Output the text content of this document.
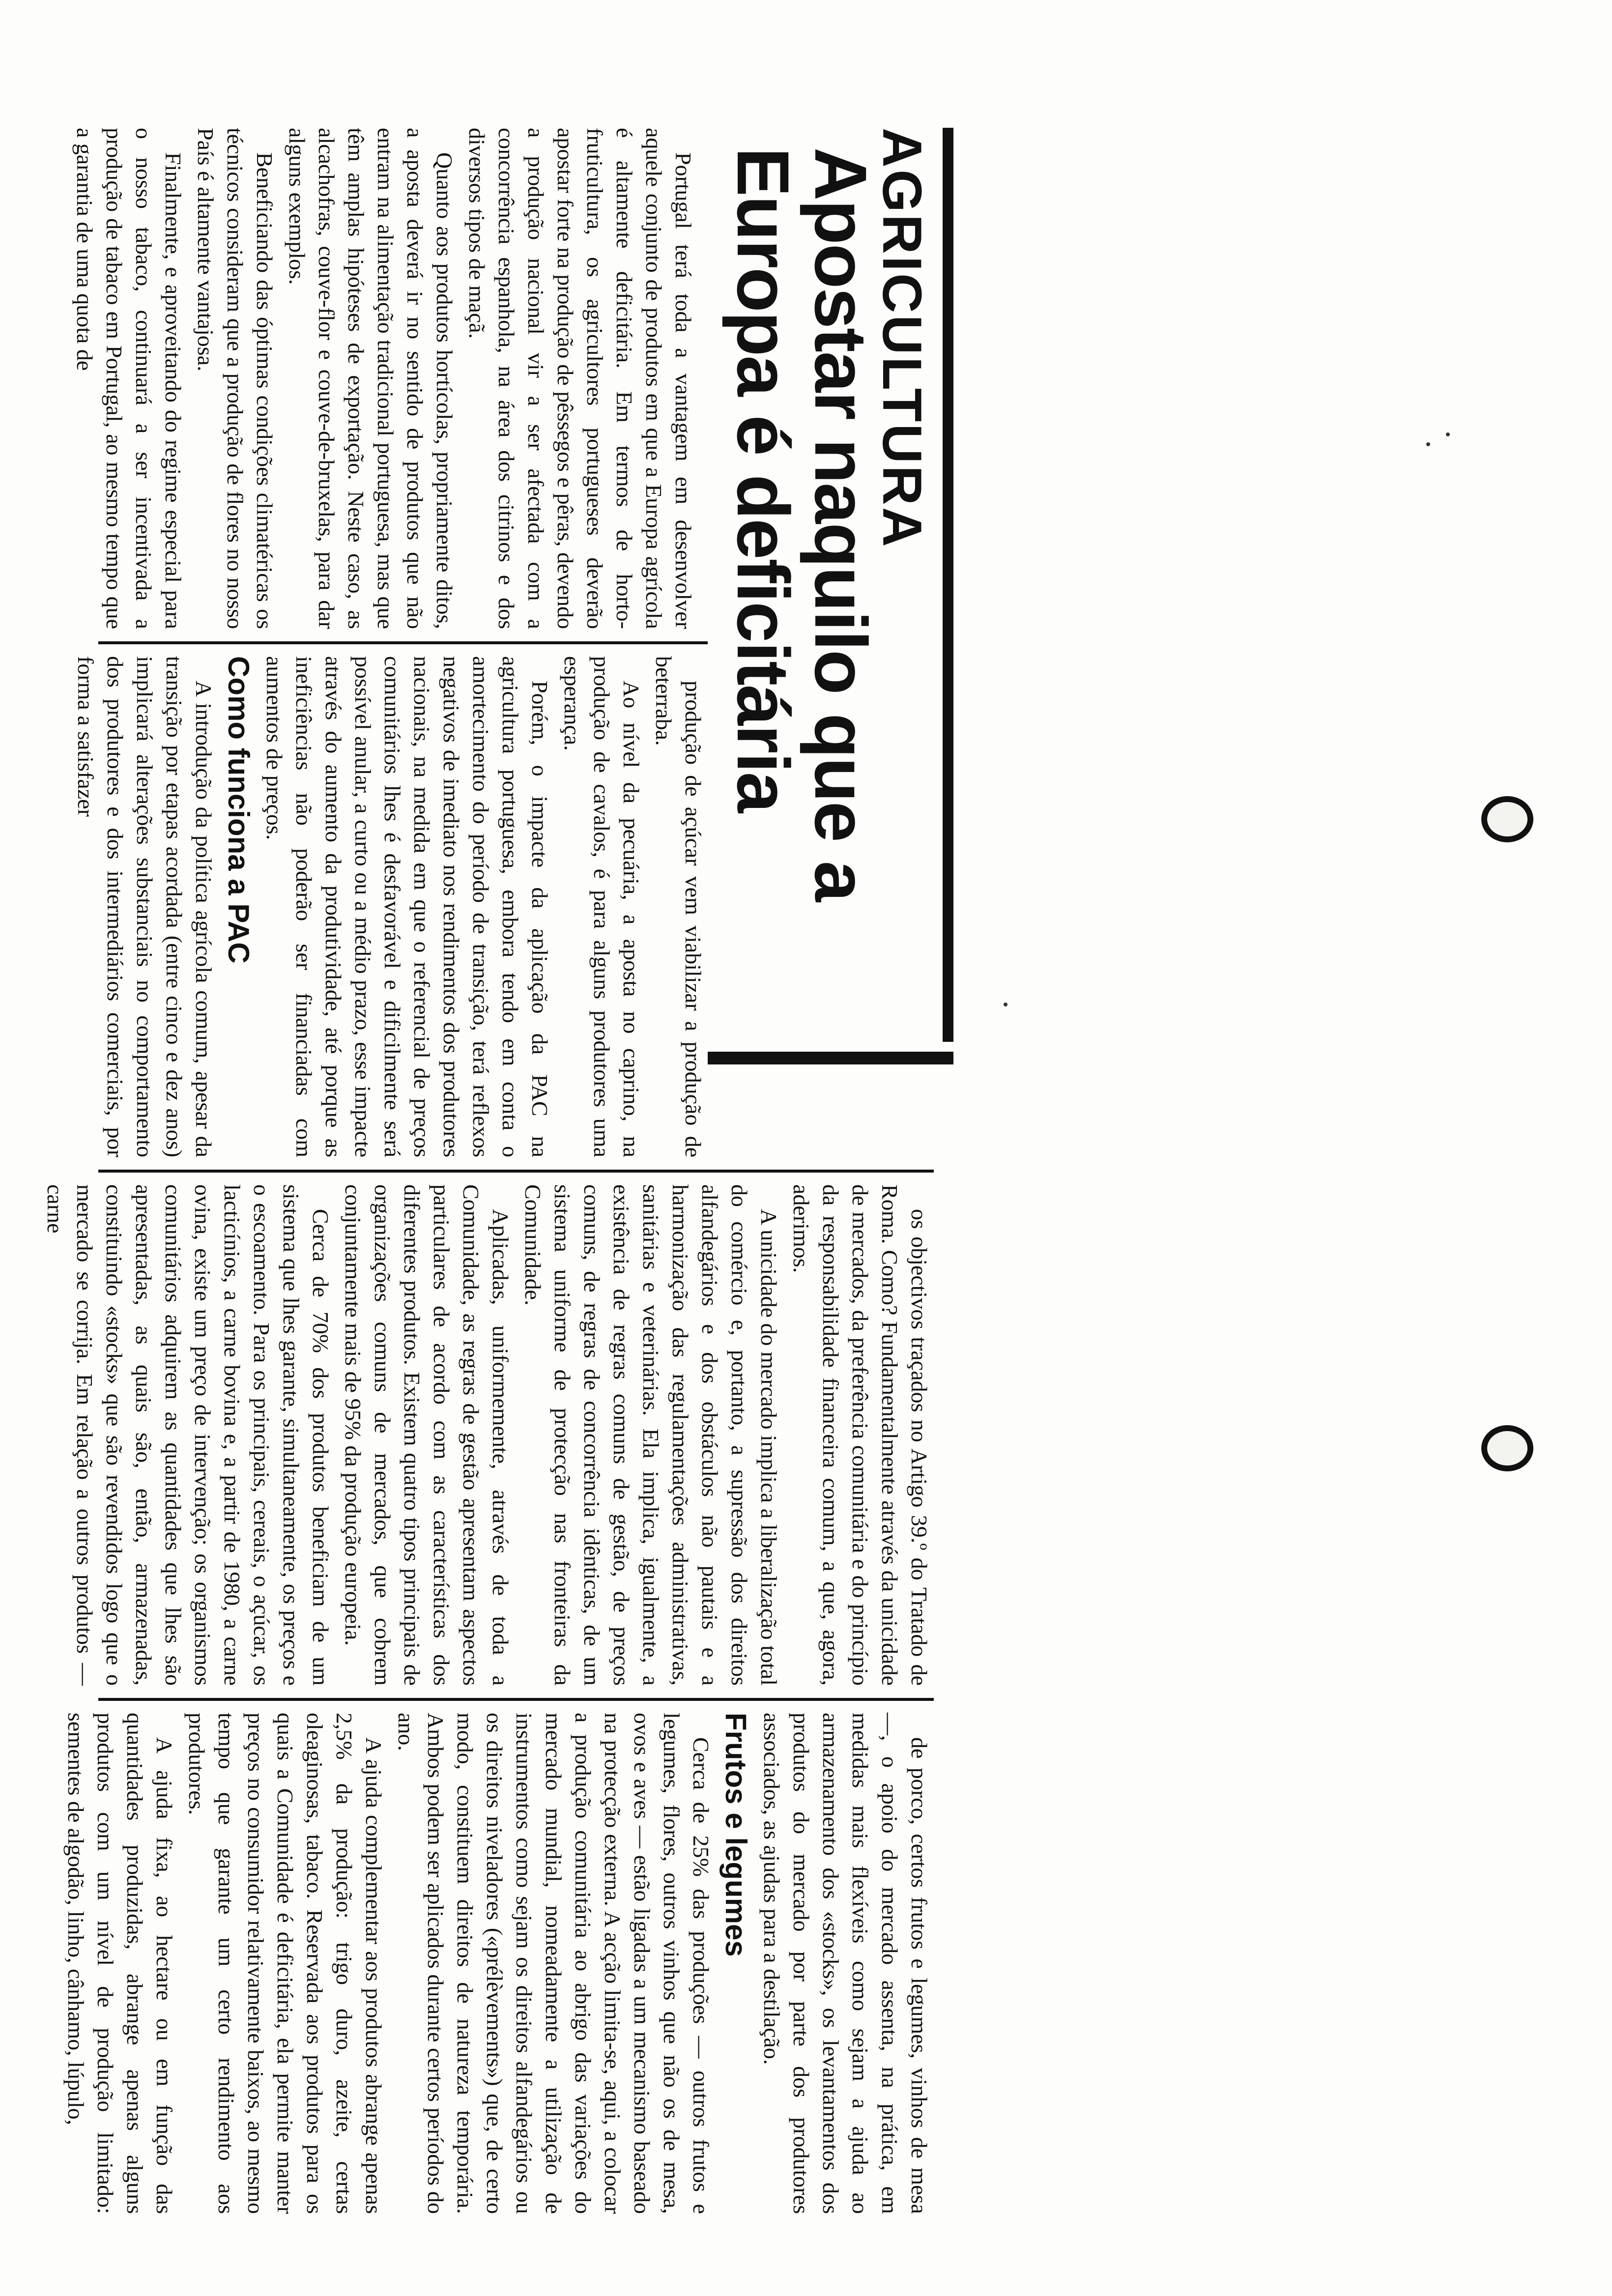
AGRICULTURA
Apostar naquilo que a Europa é deficitária

Portugal terá toda a vantagem em desenvolver aquele conjunto de produtos em que a Europa agrícola é altamente deficitária. Em termos de horto-fruticultura, os agricultores portugueses deverão apostar forte na produção de pêssegos e pêras, devendo a produção nacional vir a ser afectada com a concorrência espanhola, na área dos citrinos e dos diversos tipos de maçã.

Quanto aos produtos hortícolas, propriamente ditos, a aposta deverá ir no sentido de produtos que não entram na alimentação tradicional portuguesa, mas que têm amplas hipóteses de exportação. Neste caso, as alcachofras, couve-flor e couve-de-bruxelas, para dar alguns exemplos.

Beneficiando das óptimas condições climatéricas os técnicos consideram que a produção de flores no nosso País é altamente vantajosa.

Finalmente, e aproveitando do regime especial para o nosso tabaco, continuará a ser incentivada a produção de tabaco em Portugal, ao mesmo tempo que a garantia de uma quota de

produção de açúcar vem viabilizar a produção de beterraba.

Ao nível da pecuária, a aposta no caprino, na produção de cavalos, é para alguns produtores uma esperança.

Porém, o impacte da aplicação da PAC na agricultura portuguesa, embora tendo em conta o amortecimento do período de transição, terá reflexos negativos de imediato nos rendimentos dos produtores nacionais, na medida em que o referencial de preços comunitários lhes é desfavorável e dificilmente será possível anular, a curto ou a médio prazo, esse impacte através do aumento da produtividade, até porque as ineficiências não poderão ser financiadas com aumentos de preços.

Como funciona a PAC

A introdução da política agrícola comum, apesar da transição por etapas acordada (entre cinco e dez anos) implicará alterações substanciais no comportamento dos produtores e dos intermediários comerciais, por forma a satisfazer

os objectivos traçados no Artigo 39.º do Tratado de Roma. Como? Fundamentalmente através da unicidade de mercados, da preferência comunitária e do princípio da responsabilidade financeira comum, a que, agora, aderimos.

A unicidade do mercado implica a liberalização total do comércio e, portanto, a supressão dos direitos alfandegários e dos obstáculos não pautais e a harmonização das regulamentações administrativas, sanitárias e veterinárias. Ela implica, igualmente, a existência de regras comuns de gestão, de preços comuns, de regras de concorrência idênticas, de um sistema uniforme de protecção nas fronteiras da Comunidade.

Aplicadas, uniformemente, através de toda a Comunidade, as regras de gestão apresentam aspectos particulares de acordo com as características dos diferentes produtos. Existem quatro tipos principais de organizações comuns de mercados, que cobrem conjuntamente mais de 95% da produção europeia.

Cerca de 70% dos produtos beneficiam de um sistema que lhes garante, simultaneamente, os preços e o escoamento. Para os principais, cereais, o açúcar, os lacticínios, a carne bovina e, a partir de 1980, a carne ovina, existe um preço de intervenção; os organismos comunitários adquirem as quantidades que lhes são apresentadas, as quais são, então, armazenadas, constituindo «stocks» que são revendidos logo que o mercado se corrija. Em relação a outros produtos — carne

de porco, certos frutos e legumes, vinhos de mesa —, o apoio do mercado assenta, na prática, em medidas mais flexíveis como sejam a ajuda ao armazenamento dos «stocks», os levantamentos dos produtos do mercado por parte dos produtores associados, as ajudas para a destilação.

Frutos e legumes

Cerca de 25% das produções — outros frutos e legumes, flores, outros vinhos que não os de mesa, ovos e aves — estão ligadas a um mecanismo baseado na protecção externa. A acção limita-se, aqui, a colocar a produção comunitária ao abrigo das variações do mercado mundial, nomeadamente a utilização de instrumentos como sejam os direitos alfandegários ou os direitos niveladores («prélèvements») que, de certo modo, constituem direitos de natureza temporária. Ambos podem ser aplicados durante certos períodos do ano.

A ajuda complementar aos produtos abrange apenas 2,5% da produção: trigo duro, azeite, certas oleaginosas, tabaco. Reservada aos produtos para os quais a Comunidade é deficitária, ela permite manter preços no consumidor relativamente baixos, ao mesmo tempo que garante um certo rendimento aos produtores.

A ajuda fixa, ao hectare ou em função das quantidades produzidas, abrange apenas alguns produtos com um nível de produção limitado: sementes de algodão, linho, cânhamo, lúpulo,
